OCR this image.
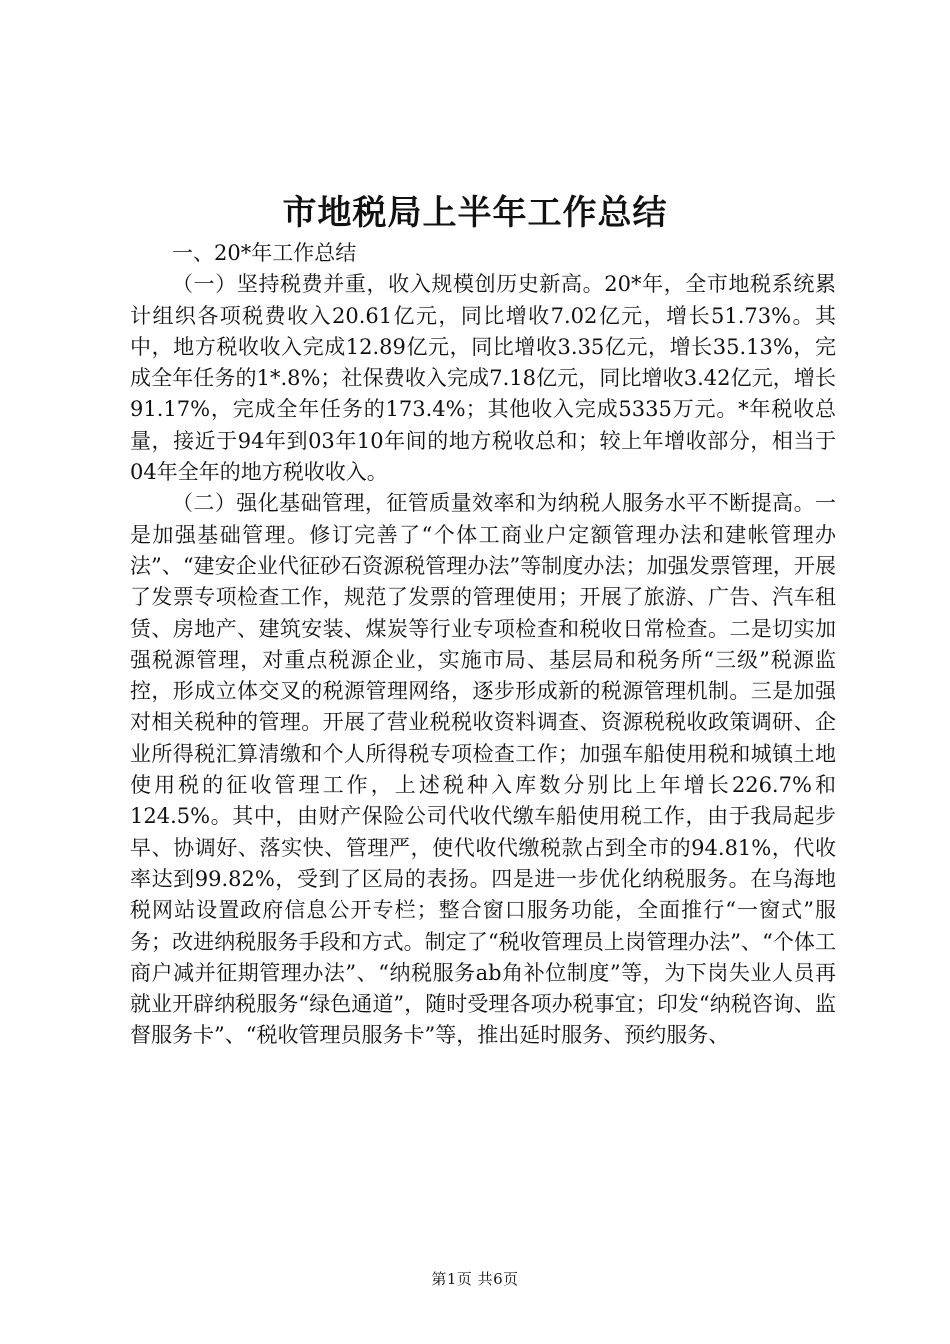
市地税局上半年工作总结

一、20*年工作总结

（一）坚持税费并重，收入规模创历史新高。20*年，全市地税系统累计组织各项税费收入20.61亿元，同比增收7.02亿元，增长51.73%。其中，地方税收收入完成12.89亿元，同比增收3.35亿元，增长35.13%，完成全年任务的1*.8%；社保费收入完成7.18亿元，同比增收3.42亿元，增长91.17%，完成全年任务的173.4%；其他收入完成5335万元。*年税收总量，接近于94年到03年10年间的地方税收总和；较上年增收部分，相当于04年全年的地方税收收入。

（二）强化基础管理，征管质量效率和为纳税人服务水平不断提高。一是加强基础管理。修订完善了“个体工商业户定额管理办法和建帐管理办法”、“建安企业代征砂石资源税管理办法”等制度办法；加强发票管理，开展了发票专项检查工作，规范了发票的管理使用；开展了旅游、广告、汽车租赁、房地产、建筑安装、煤炭等行业专项检查和税收日常检查。二是切实加强税源管理，对重点税源企业，实施市局、基层局和税务所“三级”税源监控，形成立体交叉的税源管理网络，逐步形成新的税源管理机制。三是加强对相关税种的管理。开展了营业税税收资料调查、资源税税收政策调研、企业所得税汇算清缴和个人所得税专项检查工作；加强车船使用税和城镇土地使用税的征收管理工作，上述税种入库数分别比上年增长226.7%和124.5%。其中，由财产保险公司代收代缴车船使用税工作，由于我局起步早、协调好、落实快、管理严，使代收代缴税款占到全市的94.81%，代收率达到99.82%，受到了区局的表扬。四是进一步优化纳税服务。在乌海地税网站设置政府信息公开专栏；整合窗口服务功能，全面推行“一窗式”服务；改进纳税服务手段和方式。制定了“税收管理员上岗管理办法”、“个体工商户减并征期管理办法”、“纳税服务ab角补位制度”等，为下岗失业人员再就业开辟纳税服务“绿色通道”，随时受理各项办税事宜；印发“纳税咨询、监督服务卡”、“税收管理员服务卡”等，推出延时服务、预约服务、

第1页 共6页
